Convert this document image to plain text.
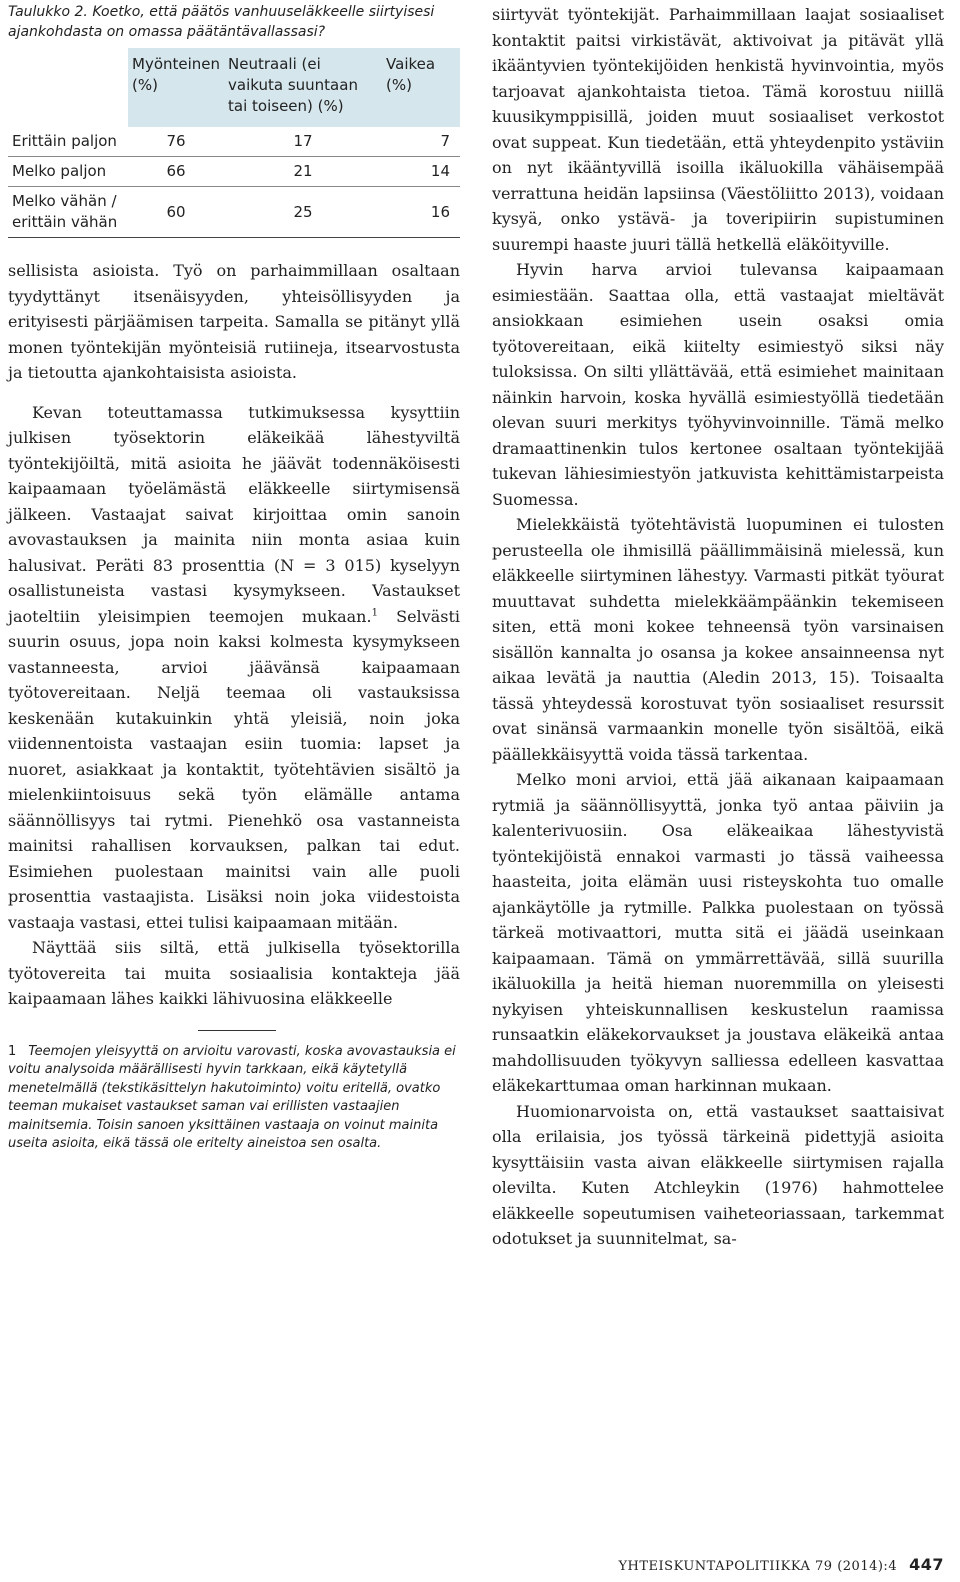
Taulukko 2. Koetko, että päätös vanhuuseläkkeelle siirtyisesi ajankohdasta on omassa päätäntävallassasi?

	Myönteinen (%)	Neutraali (ei vaikuta suuntaan tai toiseen) (%)	Vaikea (%)
Erittäin paljon	76	17	7
Melko paljon	66	21	14
Melko vähän / erittäin vähän	60	25	16

sellisista asioista. Työ on parhaimmillaan osaltaan tyydyttänyt itsenäisyyden, yhteisöllisyyden ja erityisesti pärjäämisen tarpeita. Samalla se pitänyt yllä monen työntekijän myönteisiä rutiineja, itsearvostusta ja tietoutta ajankohtaisista asioista.

Kevan toteuttamassa tutkimuksessa kysyttiin julkisen työsektorin eläkeikää lähestyviltä työntekijöiltä, mitä asioita he jäävät todennäköisesti kaipaamaan työelämästä eläkkeelle siirtymisensä jälkeen. Vastaajat saivat kirjoittaa omin sanoin avovastauksen ja mainita niin monta asiaa kuin halusivat. Peräti 83 prosenttia (N = 3 015) kyselyyn osallistuneista vastasi kysymykseen. Vastaukset jaoteltiin yleisimpien teemojen mukaan.$^1$ Selvästi suurin osuus, jopa noin kaksi kolmesta kysymykseen vastanneesta, arvioi jäävänsä kaipaamaan työtovereitaan. Neljä teemaa oli vastauksissa keskenään kutakuinkin yhtä yleisiä, noin joka viidennentoista vastaajan esiin tuomia: lapset ja nuoret, asiakkaat ja kontaktit, työtehtävien sisältö ja mielenkiintoisuus sekä työn elämälle antama säännöllisyys tai rytmi. Pienehkö osa vastanneista mainitsi rahallisen korvauksen, palkan tai edut. Esimiehen puolestaan mainitsi vain alle puoli prosenttia vastaajista. Lisäksi noin joka viidestoista vastaaja vastasi, ettei tulisi kaipaamaan mitään.

Näyttää siis siltä, että julkisella työsektorilla työtovereita tai muita sosiaalisia kontakteja jää kaipaamaan lähes kaikki lähivuosina eläkkeelle

1 Teemojen yleisyyttä on arvioitu varovasti, koska avovastauksia ei voitu analysoida määrällisesti hyvin tarkkaan, eikä käytetyllä menetelmällä (tekstikäsittelyn hakutoiminto) voitu eritellä, ovatko teeman mukaiset vastaukset saman vai erillisten vastaajien mainitsemia. Toisin sanoen yksittäinen vastaaja on voinut mainita useita asioita, eikä tässä ole eritelty aineistoa sen osalta.

siirtyvät työntekijät. Parhaimmillaan laajat sosiaaliset kontaktit paitsi virkistävät, aktivoivat ja pitävät yllä ikääntyvien työntekijöiden henkistä hyvinvointia, myös tarjoavat ajankohtaista tietoa. Tämä korostuu niillä kuusikymppisillä, joiden muut sosiaaliset verkostot ovat suppeat. Kun tiedetään, että yhteydenpito ystäviin on nyt ikääntyvillä isoilla ikäluokilla vähäisempää verrattuna heidän lapsiinsa (Väestöliitto 2013), voidaan kysyä, onko ystävä- ja toveripiirin supistuminen suurempi haaste juuri tällä hetkellä eläköityville.

Hyvin harva arvioi tulevansa kaipaamaan esimiestään. Saattaa olla, että vastaajat mieltävät ansiokkaan esimiehen usein osaksi omia työtovereitaan, eikä kiitelty esimiestyö siksi näy tuloksissa. On silti yllättävää, että esimiehet mainitaan näinkin harvoin, koska hyvällä esimiestyöllä tiedetään olevan suuri merkitys työhyvinvoinnille. Tämä melko dramaattinenkin tulos kertonee osaltaan työntekijää tukevan lähiesimiestyön jatkuvista kehittämistarpeista Suomessa.

Mielekkäistä työtehtävistä luopuminen ei tulosten perusteella ole ihmisillä päällimmäisinä mielessä, kun eläkkeelle siirtyminen lähestyy. Varmasti pitkät työurat muuttavat suhdetta mielekkäämpäänkin tekemiseen siten, että moni kokee tehneensä työn varsinaisen sisällön kannalta jo osansa ja kokee ansainneensa nyt aikaa levätä ja nauttia (Aledin 2013, 15). Toisaalta tässä yhteydessä korostuvat työn sosiaaliset resurssit ovat sinänsä varmaankin monelle työn sisältöä, eikä päällekkäisyyttä voida tässä tarkentaa.

Melko moni arvioi, että jää aikanaan kaipaamaan rytmiä ja säännöllisyyttä, jonka työ antaa päiviin ja kalenterivuosiin. Osa eläkeaikaa lähestyvistä työntekijöistä ennakoi varmasti jo tässä vaiheessa haasteita, joita elämän uusi risteyskohta tuo omalle ajankäytölle ja rytmille. Palkka puolestaan on työssä tärkeä motivaattori, mutta sitä ei jäädä useinkaan kaipaamaan. Tämä on ymmärrettävää, sillä suurilla ikäluokilla ja heitä hieman nuoremmilla on yleisesti nykyisen yhteiskunnallisen keskustelun raamissa runsaatkin eläkekorvaukset ja joustava eläkeikä antaa mahdollisuuden työkyvyn salliessa edelleen kasvattaa eläkekarttumaa oman harkinnan mukaan.

Huomionarvoista on, että vastaukset saattaisivat olla erilaisia, jos työssä tärkeinä pidettyjä asioita kysyttäisiin vasta aivan eläkkeelle siirtymisen rajalla olevilta. Kuten Atchleykin (1976) hahmottelee eläkkeelle sopeutumisen vaiheteoriassaan, tarkemmat odotukset ja suunnitelmat, sa-

YHTEISKUNTAPOLITIIKKA 79 (2014):4 447
